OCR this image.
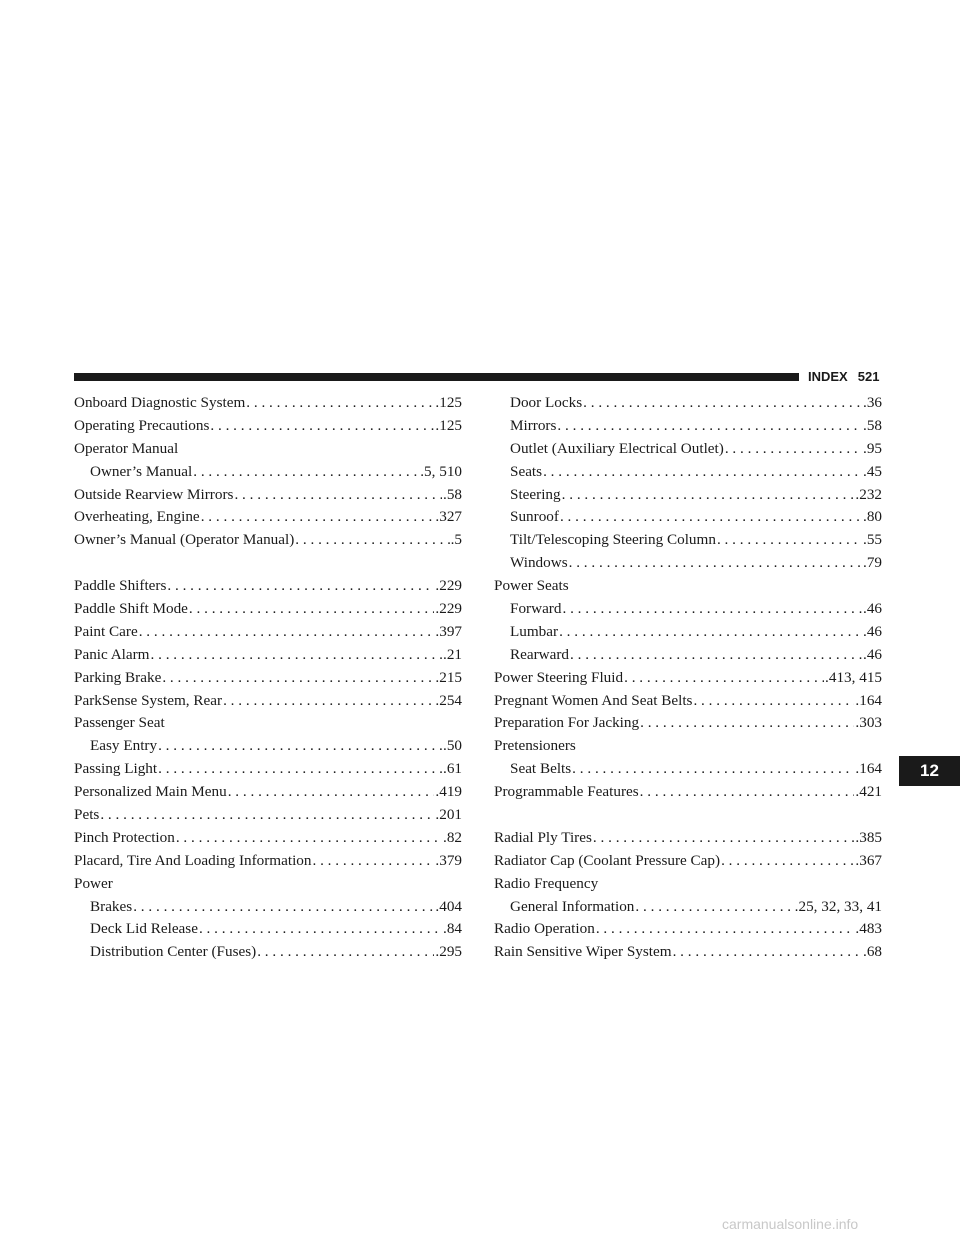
INDEX 521
Onboard Diagnostic System . . .	.125
Operating Precautions . . .	.125
Operator Manual
Owner’s Manual . . .	.5, 510
Outside Rearview Mirrors . . .	.58
Overheating, Engine . . .	.327
Owner’s Manual (Operator Manual) . . .	.5
Paddle Shifters . . .	.229
Paddle Shift Mode . . .	.229
Paint Care . . .	.397
Panic Alarm . . .	.21
Parking Brake . . .	.215
ParkSense System, Rear . . .	.254
Passenger Seat
Easy Entry . . .	.50
Passing Light . . .	.61
Personalized Main Menu . . .	.419
Pets . . .	.201
Pinch Protection . . .	.82
Placard, Tire And Loading Information . . .	.379
Power
Brakes . . .	.404
Deck Lid Release . . .	.84
Distribution Center (Fuses) . . .	.295
Door Locks . . .	.36
Mirrors . . .	.58
Outlet (Auxiliary Electrical Outlet) . . .	.95
Seats . . .	.45
Steering . . .	.232
Sunroof . . .	.80
Tilt/Telescoping Steering Column . . .	.55
Windows . . .	.79
Power Seats
Forward . . .	.46
Lumbar . . .	.46
Rearward . . .	.46
Power Steering Fluid . . .	.413, 415
Pregnant Women And Seat Belts . . .	.164
Preparation For Jacking . . .	.303
Pretensioners
Seat Belts . . .	.164
Programmable Features . . .	.421
Radial Ply Tires . . .	.385
Radiator Cap (Coolant Pressure Cap) . . .	.367
Radio Frequency
General Information . . .	.25, 32, 33, 41
Radio Operation . . .	.483
Rain Sensitive Wiper System . . .	.68
12
carmanualsonline.info
